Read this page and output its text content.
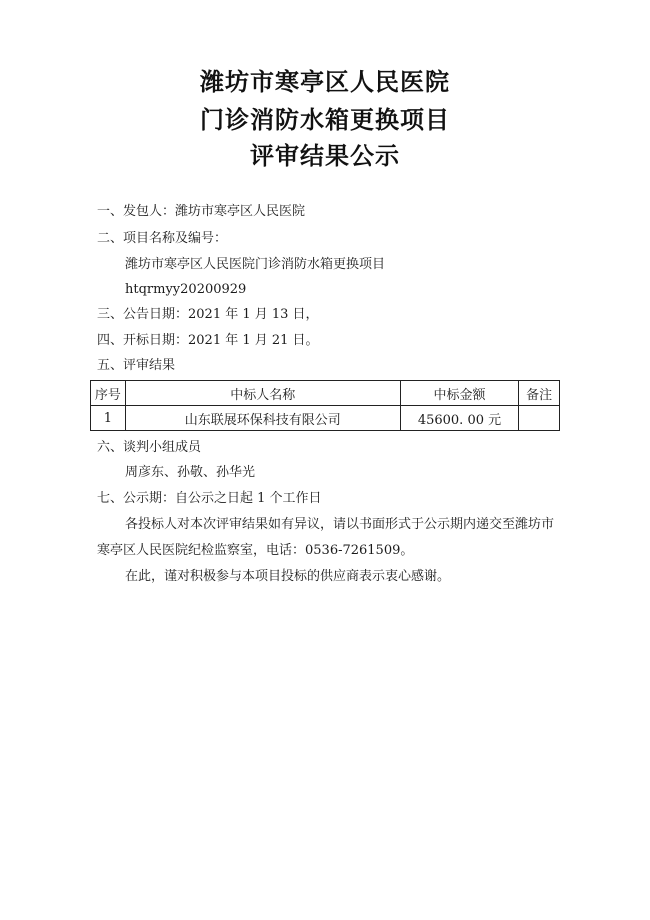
潍坊市寒亭区人民医院
门诊消防水箱更换项目
评审结果公示
一、发包人：潍坊市寒亭区人民医院
二、项目名称及编号：
潍坊市寒亭区人民医院门诊消防水箱更换项目
htqrmyy20200929
三、公告日期：2021 年 1 月 13 日，
四、开标日期：2021 年 1 月 21 日。
五、评审结果
序号	中标人名称	中标金额	备注
1	山东联展环保科技有限公司	45600. 00 元	
六、谈判小组成员
周彦东、孙敬、孙华光
七、公示期：自公示之日起 1 个工作日
各投标人对本次评审结果如有异议，请以书面形式于公示期内递交至潍坊市
寒亭区人民医院纪检监察室，电话：0536-7261509。
在此，谨对积极参与本项目投标的供应商表示衷心感谢。
